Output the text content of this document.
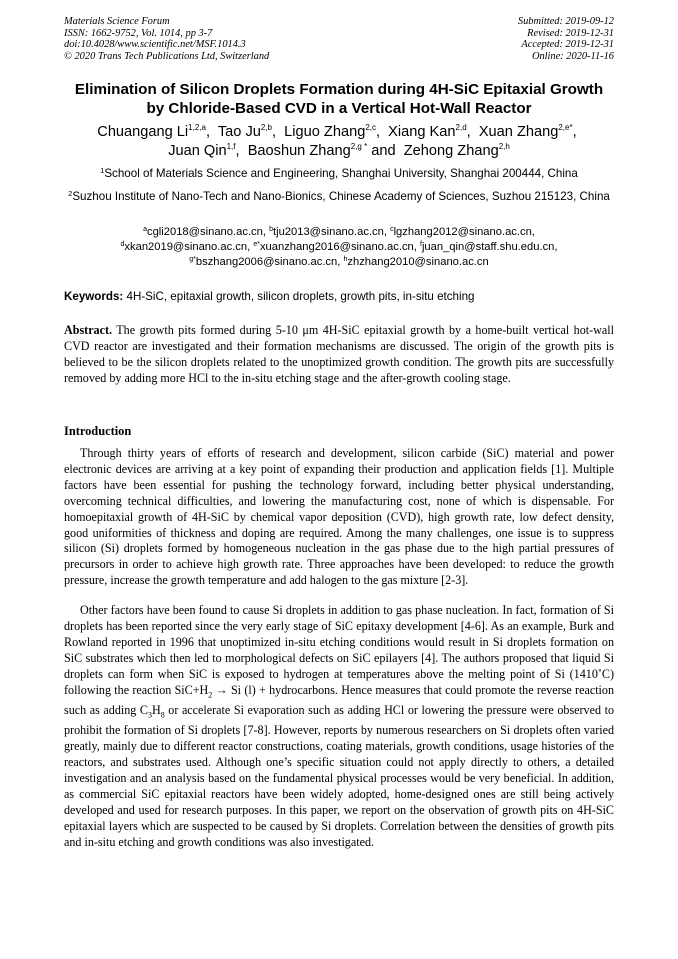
Materials Science Forum
ISSN: 1662-9752, Vol. 1014, pp 3-7
doi:10.4028/www.scientific.net/MSF.1014.3
© 2020 Trans Tech Publications Ltd, Switzerland
Submitted: 2019-09-12
Revised: 2019-12-31
Accepted: 2019-12-31
Online: 2020-11-16
Elimination of Silicon Droplets Formation during 4H-SiC Epitaxial Growth by Chloride-Based CVD in a Vertical Hot-Wall Reactor
Chuangang Li$^{1,2,a}$,  Tao Ju$^{2,b}$,  Liguo Zhang$^{2,c}$,  Xiang Kan$^{2,d}$,  Xuan Zhang$^{2,e*}$,
Juan Qin$^{1,f}$,  Baoshun Zhang$^{2,g *}$ and  Zehong Zhang$^{2,h}$
$^1$School of Materials Science and Engineering, Shanghai University, Shanghai 200444, China
$^2$Suzhou Institute of Nano-Tech and Nano-Bionics, Chinese Academy of Sciences, Suzhou 215123, China
$^a$cgli2018@sinano.ac.cn, $^b$tju2013@sinano.ac.cn, $^c$lgzhang2012@sinano.ac.cn,
$^d$xkan2019@sinano.ac.cn, $^{e*}$xuanzhang2016@sinano.ac.cn, $^f$juan_qin@staff.shu.edu.cn,
$^{g*}$bszhang2006@sinano.ac.cn, $^h$zhzhang2010@sinano.ac.cn
Keywords: 4H-SiC, epitaxial growth, silicon droplets, growth pits, in-situ etching
Abstract. The growth pits formed during 5-10 μm 4H-SiC epitaxial growth by a home-built vertical hot-wall CVD reactor are investigated and their formation mechanisms are discussed. The origin of the growth pits is believed to be the silicon droplets related to the unoptimized growth condition. The growth pits are successfully removed by adding more HCl to the in-situ etching stage and the after-growth cooling stage.
Introduction

Through thirty years of efforts of research and development, silicon carbide (SiC) material and power electronic devices are arriving at a key point of expanding their production and application fields [1]. Multiple factors have been essential for pushing the technology forward, including better physical understanding, overcoming technical difficulties, and lowering the manufacturing cost, none of which is dispensable. For homoepitaxial growth of 4H-SiC by chemical vapor deposition (CVD), high growth rate, low defect density, good uniformities of thickness and doping are required. Among the many challenges, one issue is to suppress silicon (Si) droplets formed by homogeneous nucleation in the gas phase due to the high partial pressures of precursors in order to achieve high growth rate. Three approaches have been developed: to reduce the growth pressure, increase the growth temperature and add halogen to the gas mixture [2-3].

Other factors have been found to cause Si droplets in addition to gas phase nucleation. In fact, formation of Si droplets has been reported since the very early stage of SiC epitaxy development [4-6]. As an example, Burk and Rowland reported in 1996 that unoptimized in-situ etching conditions would result in Si droplets formation on SiC substrates which then led to morphological defects on SiC epilayers [4]. The authors proposed that liquid Si droplets can form when SiC is exposed to hydrogen at temperatures above the melting point of Si (1410˚C) following the reaction $SiC+H_2 \to Si$ (l) + hydrocarbons. Hence measures that could promote the reverse reaction such as adding $C_3H_8$ or accelerate Si evaporation such as adding HCl or lowering the pressure were observed to prohibit the formation of Si droplets [7-8]. However, reports by numerous researchers on Si droplets often varied greatly, mainly due to different reactor constructions, coating materials, growth conditions, usage histories of the reactors, and substrates used. Although one’s specific situation could not apply directly to others, a detailed investigation and an analysis based on the fundamental physical processes would be very beneficial. In addition, as commercial SiC epitaxial reactors have been widely adopted, home-designed ones are still being actively developed and used for research purposes. In this paper, we report on the observation of growth pits on 4H-SiC epitaxial layers which are suspected to be caused by Si droplets. Correlation between the densities of growth pits and in-situ etching and growth conditions was also investigated.
